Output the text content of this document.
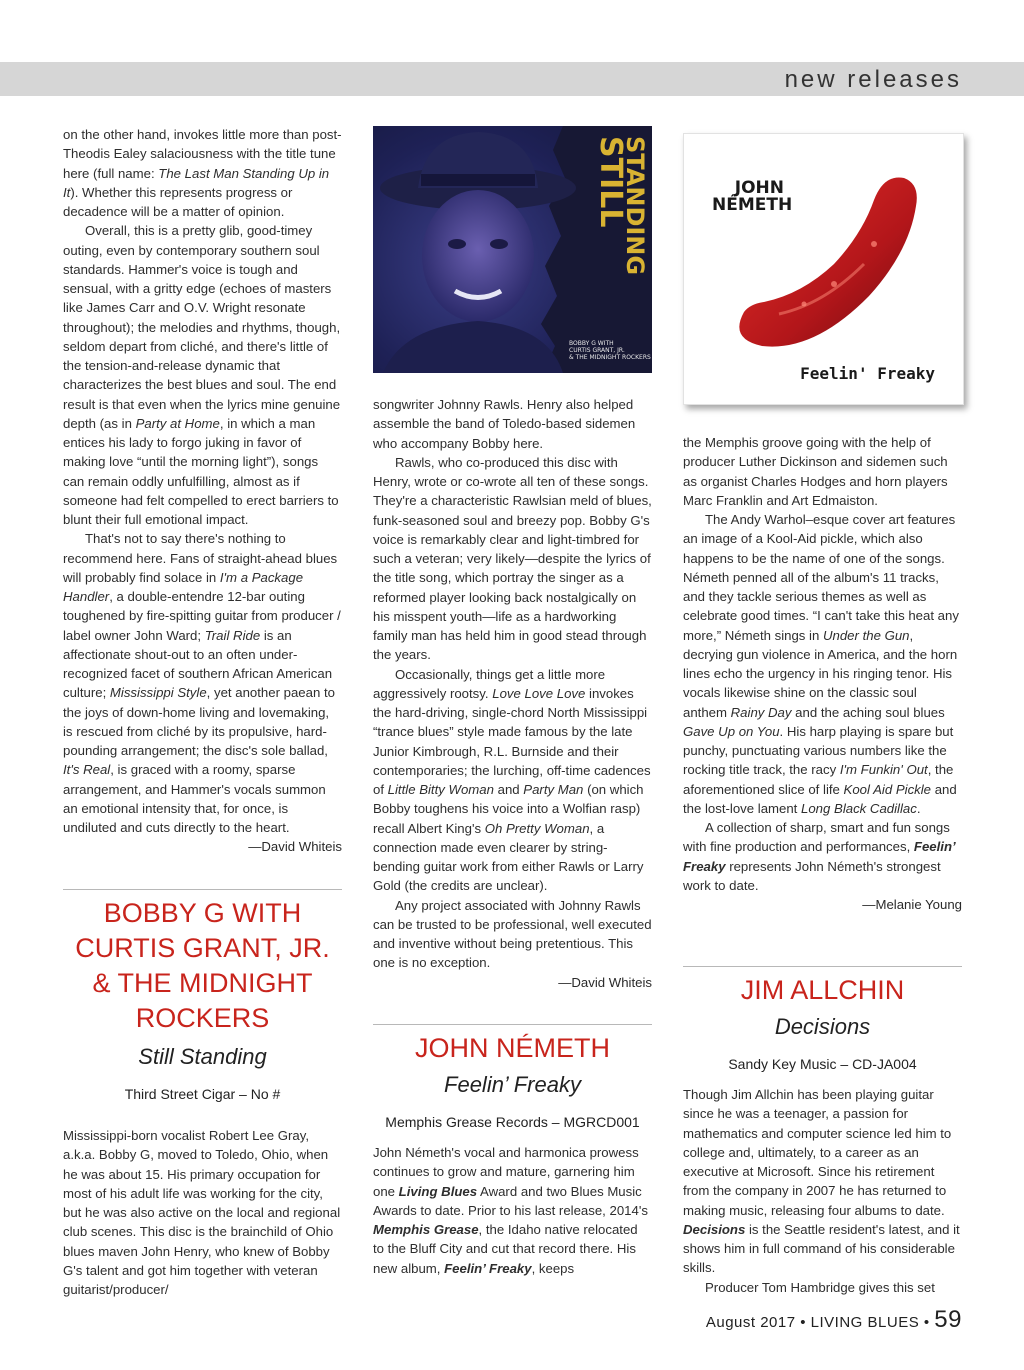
new releases

on the other hand, invokes little more than post-Theodis Ealey salaciousness with the title tune here (full name: The Last Man Standing Up in It). Whether this represents progress or decadence will be a matter of opinion.

Overall, this is a pretty glib, good-timey outing, even by contemporary southern soul standards. Hammer's voice is tough and sensual, with a gritty edge (echoes of masters like James Carr and O.V. Wright resonate throughout); the melodies and rhythms, though, seldom depart from cliché, and there's little of the tension-and-release dynamic that characterizes the best blues and soul. The end result is that even when the lyrics mine genuine depth (as in Party at Home, in which a man entices his lady to forgo juking in favor of making love “until the morning light”), songs can remain oddly unfulfilling, almost as if someone had felt compelled to erect barriers to blunt their full emotional impact.

That's not to say there's nothing to recommend here. Fans of straight-ahead blues will probably find solace in I'm a Package Handler, a double-entendre 12-bar outing toughened by fire-spitting guitar from producer / label owner John Ward; Trail Ride is an affectionate shout-out to an often under-recognized facet of southern African American culture; Mississippi Style, yet another paean to the joys of down-home living and lovemaking, is rescued from cliché by its propulsive, hard-pounding arrangement; the disc's sole ballad, It's Real, is graced with a roomy, sparse arrangement, and Hammer's vocals summon an emotional intensity that, for once, is undiluted and cuts directly to the heart.

—David Whiteis

BOBBY G WITH CURTIS GRANT, JR. & THE MIDNIGHT ROCKERS

Still Standing

Third Street Cigar – No #

Mississippi-born vocalist Robert Lee Gray, a.k.a. Bobby G, moved to Toledo, Ohio, when he was about 15. His primary occupation for most of his adult life was working for the city, but he was also active on the local and regional club scenes. This disc is the brainchild of Ohio blues maven John Henry, who knew of Bobby G's talent and got him together with veteran guitarist/producer/

STILL
STANDING
BOBBY G WITH
CURTIS GRANT, JR.
& THE MIDNIGHT ROCKERS

songwriter Johnny Rawls. Henry also helped assemble the band of Toledo-based sidemen who accompany Bobby here.

Rawls, who co-produced this disc with Henry, wrote or co-wrote all ten of these songs. They're a characteristic Rawlsian meld of blues, funk-seasoned soul and breezy pop. Bobby G's voice is remarkably clear and light-timbred for such a veteran; very likely—despite the lyrics of the title song, which portray the singer as a reformed player looking back nostalgically on his misspent youth—life as a hardworking family man has held him in good stead through the years.

Occasionally, things get a little more aggressively rootsy. Love Love Love invokes the hard-driving, single-chord North Mississippi “trance blues” style made famous by the late Junior Kimbrough, R.L. Burnside and their contemporaries; the lurching, off-time cadences of Little Bitty Woman and Party Man (on which Bobby toughens his voice into a Wolfian rasp) recall Albert King's Oh Pretty Woman, a connection made even clearer by string-bending guitar work from either Rawls or Larry Gold (the credits are unclear).

Any project associated with Johnny Rawls can be trusted to be professional, well executed and inventive without being pretentious. This one is no exception.

—David Whiteis

JOHN NÉMETH

Feelin’ Freaky

Memphis Grease Records – MGRCD001

John Németh's vocal and harmonica prowess continues to grow and mature, garnering him one Living Blues Award and two Blues Music Awards to date. Prior to his last release, 2014's Memphis Grease, the Idaho native relocated to the Bluff City and cut that record there. His new album, Feelin’ Freaky, keeps

JOHN
NÉMETH
Feelin' Freaky

the Memphis groove going with the help of producer Luther Dickinson and sidemen such as organist Charles Hodges and horn players Marc Franklin and Art Edmaiston.

The Andy Warhol–esque cover art features an image of a Kool-Aid pickle, which also happens to be the name of one of the songs. Németh penned all of the album's 11 tracks, and they tackle serious themes as well as celebrate good times. “I can't take this heat any more,” Németh sings in Under the Gun, decrying gun violence in America, and the horn lines echo the urgency in his ringing tenor. His vocals likewise shine on the classic soul anthem Rainy Day and the aching soul blues Gave Up on You. His harp playing is spare but punchy, punctuating various numbers like the rocking title track, the racy I'm Funkin' Out, the aforementioned slice of life Kool Aid Pickle and the lost-love lament Long Black Cadillac.

A collection of sharp, smart and fun songs with fine production and performances, Feelin’ Freaky represents John Németh's strongest work to date.

—Melanie Young

JIM ALLCHIN

Decisions

Sandy Key Music – CD-JA004

Though Jim Allchin has been playing guitar since he was a teenager, a passion for mathematics and computer science led him to college and, ultimately, to a career as an executive at Microsoft. Since his retirement from the company in 2007 he has returned to making music, releasing four albums to date. Decisions is the Seattle resident's latest, and it shows him in full command of his considerable skills.

Producer Tom Hambridge gives this set

August 2017 • LIVING BLUES • 59
